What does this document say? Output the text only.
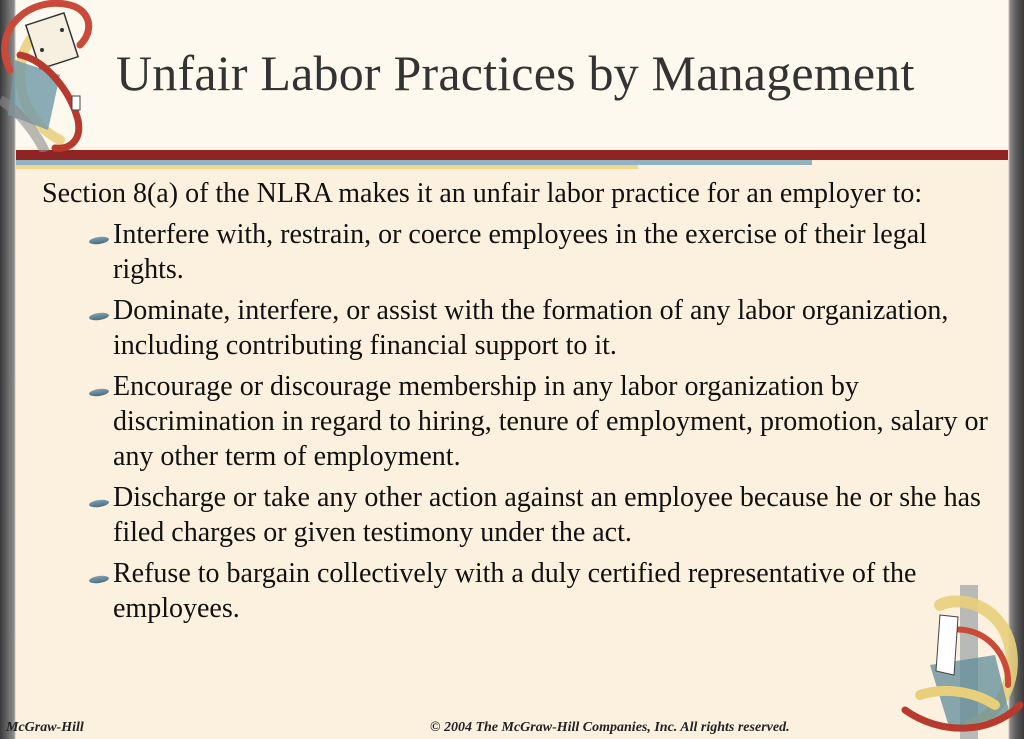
Unfair Labor Practices by Management

Section 8(a) of the NLRA makes it an unfair labor practice for an employer to:

Interfere with, restrain, or coerce employees in the exercise of their legal rights.
Dominate, interfere, or assist with the formation of any labor organization, including contributing financial support to it.
Encourage or discourage membership in any labor organization by discrimination in regard to hiring, tenure of employment, promotion, salary or any other term of employment.
Discharge or take any other action against an employee because he or she has filed charges or given testimony under the act.
Refuse to bargain collectively with a duly certified representative of the employees.
McGraw-Hill	© 2004 The McGraw-Hill Companies, Inc. All rights reserved.
